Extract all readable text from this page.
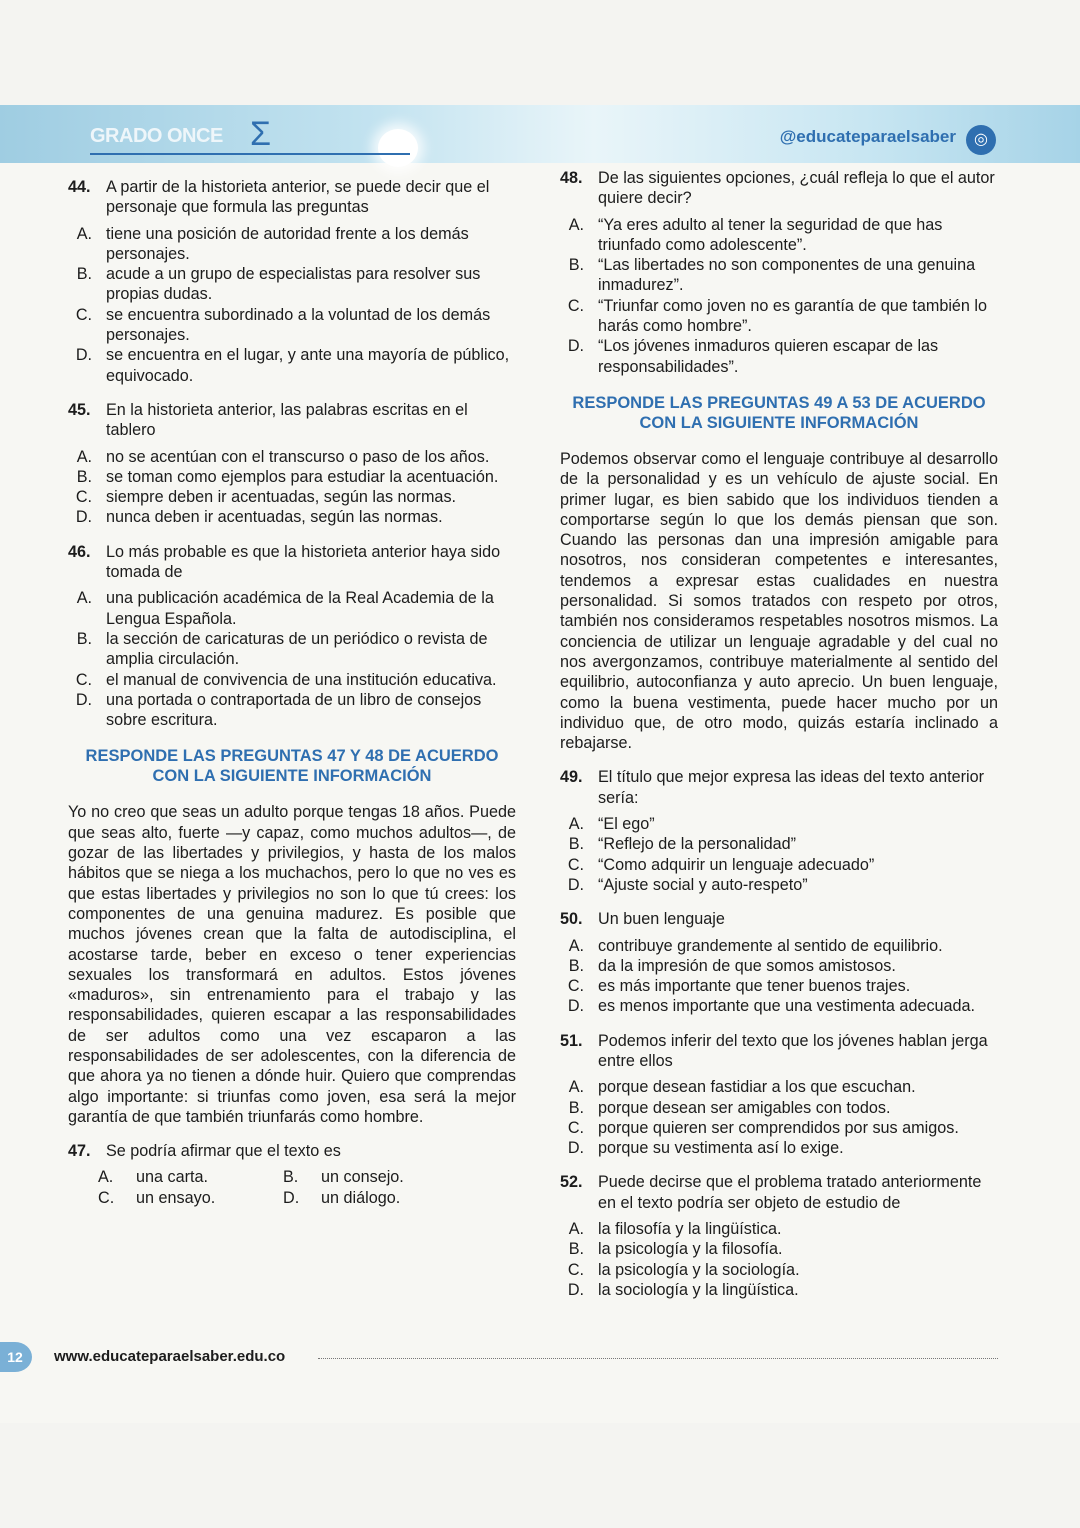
GRADO ONCE Σ	@educateparaelsaber	◎
44. A partir de la historieta anterior, se puede decir que el personaje que formula las preguntas
A. tiene una posición de autoridad frente a los demás personajes.
B. acude a un grupo de especialistas para resolver sus propias dudas.
C. se encuentra subordinado a la voluntad de los demás personajes.
D. se encuentra en el lugar, y ante una mayoría de público, equivocado.
45. En la historieta anterior, las palabras escritas en el tablero
A. no se acentúan con el transcurso o paso de los años.
B. se toman como ejemplos para estudiar la acentuación.
C. siempre deben ir acentuadas, según las normas.
D. nunca deben ir acentuadas, según las normas.
46. Lo más probable es que la historieta anterior haya sido tomada de
A. una publicación académica de la Real Academia de la Lengua Española.
B. la sección de caricaturas de un periódico o revista de amplia circulación.
C. el manual de convivencia de una institución educativa.
D. una portada o contraportada de un libro de consejos sobre escritura.
RESPONDE LAS PREGUNTAS 47 Y 48 DE ACUERDO CON LA SIGUIENTE INFORMACIÓN
Yo no creo que seas un adulto porque tengas 18 años. Puede que seas alto, fuerte —y capaz, como muchos adultos—, de gozar de las libertades y privilegios, y hasta de los malos hábitos que se niega a los muchachos, pero lo que no ves es que estas libertades y privilegios no son lo que tú crees: los componentes de una genuina madurez. Es posible que muchos jóvenes crean que la falta de autodisciplina, el acostarse tarde, beber en exceso o tener experiencias sexuales los transformará en adultos. Estos jóvenes «maduros», sin entrenamiento para el trabajo y las responsabilidades, quieren escapar a las responsabilidades de ser adultos como una vez escaparon a las responsabilidades de ser adolescentes, con la diferencia de que ahora ya no tienen a dónde huir. Quiero que comprendas algo importante: si triunfas como joven, esa será la mejor garantía de que también triunfarás como hombre.
47. Se podría afirmar que el texto es
A.	una carta.	B.	un consejo.
C.	un ensayo.	D.	un diálogo.
48. De las siguientes opciones, ¿cuál refleja lo que el autor quiere decir?
A. “Ya eres adulto al tener la seguridad de que has triunfado como adolescente”.
B. “Las libertades no son componentes de una genuina inmadurez”.
C. “Triunfar como joven no es garantía de que también lo harás como hombre”.
D. “Los jóvenes inmaduros quieren escapar de las responsabilidades”.
RESPONDE LAS PREGUNTAS 49 A 53 DE ACUERDO CON LA SIGUIENTE INFORMACIÓN
Podemos observar como el lenguaje contribuye al desarrollo de la personalidad y es un vehículo de ajuste social. En primer lugar, es bien sabido que los individuos tienden a comportarse según lo que los demás piensan que son. Cuando las personas dan una impresión amigable para nosotros, nos consideran competentes e interesantes, tendemos a expresar estas cualidades en nuestra personalidad. Si somos tratados con respeto por otros, también nos consideramos respetables nosotros mismos. La conciencia de utilizar un lenguaje agradable y del cual no nos avergonzamos, contribuye materialmente al sentido del equilibrio, autoconfianza y auto aprecio. Un buen lenguaje, como la buena vestimenta, puede hacer mucho por un individuo que, de otro modo, quizás estaría inclinado a rebajarse.
49. El título que mejor expresa las ideas del texto anterior sería:
A. “El ego”
B. “Reflejo de la personalidad”
C. “Como adquirir un lenguaje adecuado”
D. “Ajuste social y auto-respeto”
50. Un buen lenguaje
A. contribuye grandemente al sentido de equilibrio.
B. da la impresión de que somos amistosos.
C. es más importante que tener buenos trajes.
D. es menos importante que una vestimenta adecuada.
51. Podemos inferir del texto que los jóvenes hablan jerga entre ellos
A. porque desean fastidiar a los que escuchan.
B. porque desean ser amigables con todos.
C. porque quieren ser comprendidos por sus amigos.
D. porque su vestimenta así lo exige.
52. Puede decirse que el problema tratado anteriormente en el texto podría ser objeto de estudio de
A. la filosofía y la lingüística.
B. la psicología y la filosofía.
C. la psicología y la sociología.
D. la sociología y la lingüística.
12	www.educateparaelsaber.edu.co
